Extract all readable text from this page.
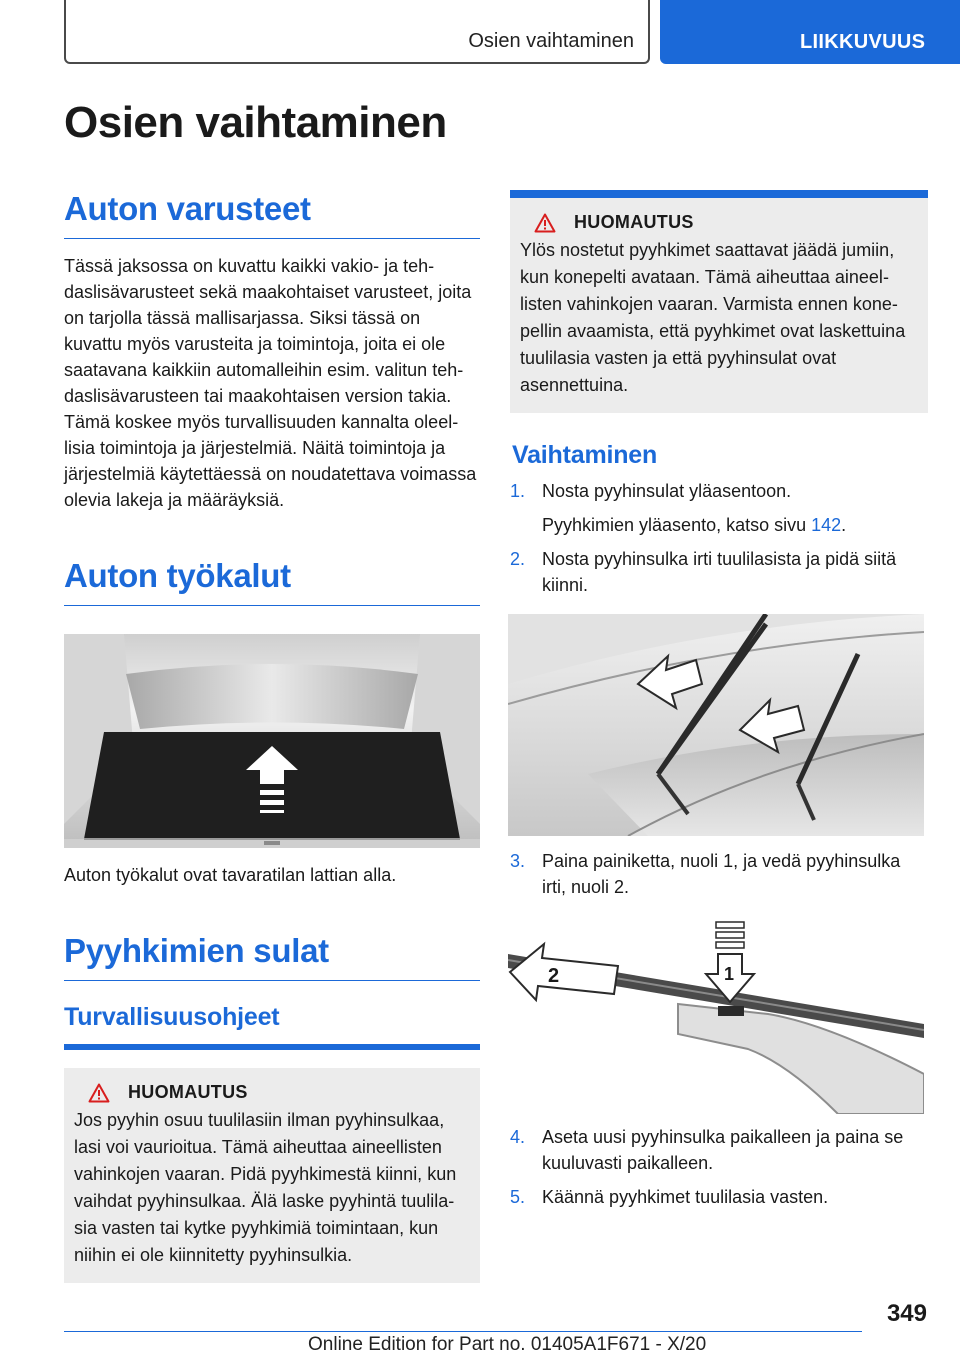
Osien vaihtaminen	LIIKKUVUUS
Osien vaihtaminen
Auton varusteet

Tässä jaksossa on kuvattu kaikki vakio- ja tehdaslisävarusteet sekä maakohtaiset varusteet, joita on tarjolla tässä mallisarjassa. Siksi tässä on kuvattu myös varusteita ja toimintoja, joita ei ole saatavana kaikkiin automalleihin esim. valitun tehdaslisävarusteen tai maakohtaisen version takia. Tämä koskee myös turvallisuuden kannalta oleellisia toimintoja ja järjestelmiä. Näitä toimintoja ja järjestelmiä käytettäessä on noudatettava voimassa olevia lakeja ja määräyksiä.

Auton työkalut

Auton työkalut ovat tavaratilan lattian alla.

Pyyhkimien sulat
Turvallisuusohjeet
HUOMAUTUS

Jos pyyhin osuu tuulilasiin ilman pyyhinsulkaa, lasi voi vaurioitua. Tämä aiheuttaa aineellisten vahinkojen vaaran. Pidä pyyhkimestä kiinni, kun vaihdat pyyhinsulkaa. Älä laske pyyhintä tuulilasia vasten tai kytke pyyhkimiä toimintaan, kun niihin ei ole kiinnitetty pyyhinsulkia.

HUOMAUTUS

Ylös nostetut pyyhkimet saattavat jäädä jumiin, kun konepelti avataan. Tämä aiheuttaa aineellisten vahinkojen vaaran. Varmista ennen konepellin avaamista, että pyyhkimet ovat laskettuina tuulilasia vasten ja että pyyhinsulat ovat asennettuina.

Vaihtaminen
1. Nosta pyyhinsulat yläasentoon.
Pyyhkimien yläasento, katso sivu 142.
2. Nosta pyyhinsulka irti tuulilasista ja pidä siitä kiinni.
3. Paina painiketta, nuoli 1, ja vedä pyyhinsulka irti, nuoli 2.
2	1
4. Aseta uusi pyyhinsulka paikalleen ja paina se kuuluvasti paikalleen.
5. Käännä pyyhkimet tuulilasia vasten.
349
Online Edition for Part no. 01405A1F671 - X/20
